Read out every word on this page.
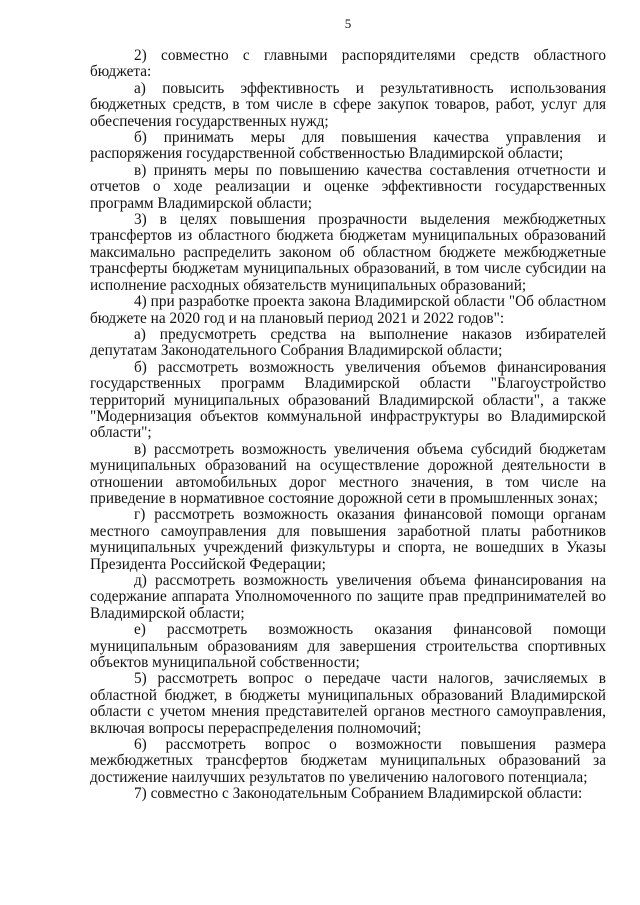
5

2) совместно с главными распорядителями средств областного бюджета:

а) повысить эффективность и результативность использования бюджетных средств, в том числе в сфере закупок товаров, работ, услуг для обеспечения государственных нужд;

б) принимать меры для повышения качества управления и распоряжения государственной собственностью Владимирской области;

в) принять меры по повышению качества составления отчетности и отчетов о ходе реализации и оценке эффективности государственных программ Владимирской области;

3) в целях повышения прозрачности выделения межбюджетных трансфертов из областного бюджета бюджетам муниципальных образований максимально распределить законом об областном бюджете межбюджетные трансферты бюджетам муниципальных образований, в том числе субсидии на исполнение расходных обязательств муниципальных образований;

4) при разработке проекта закона Владимирской области "Об областном бюджете на 2020 год и на плановый период 2021 и 2022 годов":

а) предусмотреть средства на выполнение наказов избирателей депутатам Законодательного Собрания Владимирской области;

б) рассмотреть возможность увеличения объемов финансирования государственных программ Владимирской области "Благоустройство территорий муниципальных образований Владимирской области", а также "Модернизация объектов коммунальной инфраструктуры во Владимирской области";

в) рассмотреть возможность увеличения объема субсидий бюджетам муниципальных образований на осуществление дорожной деятельности в отношении автомобильных дорог местного значения, в том числе на приведение в нормативное состояние дорожной сети в промышленных зонах;

г) рассмотреть возможность оказания финансовой помощи органам местного самоуправления для повышения заработной платы работников муниципальных учреждений физкультуры и спорта, не вошедших в Указы Президента Российской Федерации;

д) рассмотреть возможность увеличения объема финансирования на содержание аппарата Уполномоченного по защите прав предпринимателей во Владимирской области;

е) рассмотреть возможность оказания финансовой помощи муниципальным образованиям для завершения строительства спортивных объектов муниципальной собственности;

5) рассмотреть вопрос о передаче части налогов, зачисляемых в областной бюджет, в бюджеты муниципальных образований Владимирской области с учетом мнения представителей органов местного самоуправления, включая вопросы перераспределения полномочий;

6) рассмотреть вопрос о возможности повышения размера межбюджетных трансфертов бюджетам муниципальных образований за достижение наилучших результатов по увеличению налогового потенциала;

7) совместно с Законодательным Собранием Владимирской области:
